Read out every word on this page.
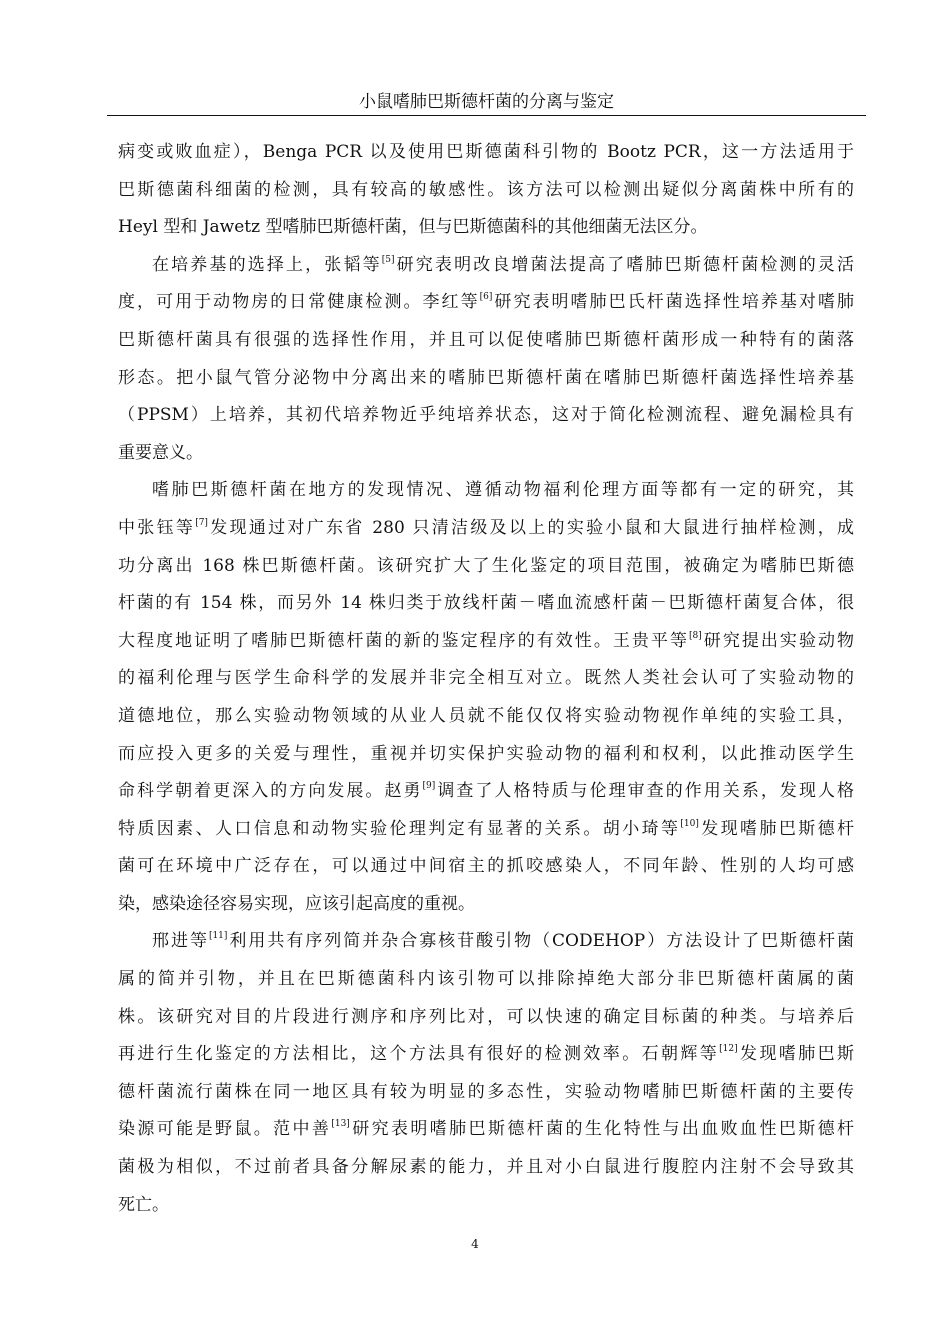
小鼠嗜肺巴斯德杆菌的分离与鉴定
病变或败血症），Benga PCR 以及使用巴斯德菌科引物的 Bootz PCR，这一方法适用于
巴斯德菌科细菌的检测，具有较高的敏感性。该方法可以检测出疑似分离菌株中所有的
Heyl 型和 Jawetz 型嗜肺巴斯德杆菌，但与巴斯德菌科的其他细菌无法区分。
在培养基的选择上，张韬等[5]研究表明改良增菌法提高了嗜肺巴斯德杆菌检测的灵活
度，可用于动物房的日常健康检测。李红等[6]研究表明嗜肺巴氏杆菌选择性培养基对嗜肺
巴斯德杆菌具有很强的选择性作用，并且可以促使嗜肺巴斯德杆菌形成一种特有的菌落
形态。把小鼠气管分泌物中分离出来的嗜肺巴斯德杆菌在嗜肺巴斯德杆菌选择性培养基
（PPSM）上培养，其初代培养物近乎纯培养状态，这对于简化检测流程、避免漏检具有
重要意义。
嗜肺巴斯德杆菌在地方的发现情况、遵循动物福利伦理方面等都有一定的研究，其
中张钰等[7]发现通过对广东省 280 只清洁级及以上的实验小鼠和大鼠进行抽样检测，成
功分离出 168 株巴斯德杆菌。该研究扩大了生化鉴定的项目范围，被确定为嗜肺巴斯德
杆菌的有 154 株，而另外 14 株归类于放线杆菌－嗜血流感杆菌－巴斯德杆菌复合体，很
大程度地证明了嗜肺巴斯德杆菌的新的鉴定程序的有效性。王贵平等[8]研究提出实验动物
的福利伦理与医学生命科学的发展并非完全相互对立。既然人类社会认可了实验动物的
道德地位，那么实验动物领域的从业人员就不能仅仅将实验动物视作单纯的实验工具，
而应投入更多的关爱与理性，重视并切实保护实验动物的福利和权利，以此推动医学生
命科学朝着更深入的方向发展。赵勇[9]调查了人格特质与伦理审查的作用关系，发现人格
特质因素、人口信息和动物实验伦理判定有显著的关系。胡小琦等[10]发现嗜肺巴斯德杆
菌可在环境中广泛存在，可以通过中间宿主的抓咬感染人，不同年龄、性别的人均可感
染，感染途径容易实现，应该引起高度的重视。
邢进等[11]利用共有序列简并杂合寡核苷酸引物（CODEHOP）方法设计了巴斯德杆菌
属的简并引物，并且在巴斯德菌科内该引物可以排除掉绝大部分非巴斯德杆菌属的菌
株。该研究对目的片段进行测序和序列比对，可以快速的确定目标菌的种类。与培养后
再进行生化鉴定的方法相比，这个方法具有很好的检测效率。石朝辉等[12]发现嗜肺巴斯
德杆菌流行菌株在同一地区具有较为明显的多态性，实验动物嗜肺巴斯德杆菌的主要传
染源可能是野鼠。范中善[13]研究表明嗜肺巴斯德杆菌的生化特性与出血败血性巴斯德杆
菌极为相似，不过前者具备分解尿素的能力，并且对小白鼠进行腹腔内注射不会导致其
死亡。
4
